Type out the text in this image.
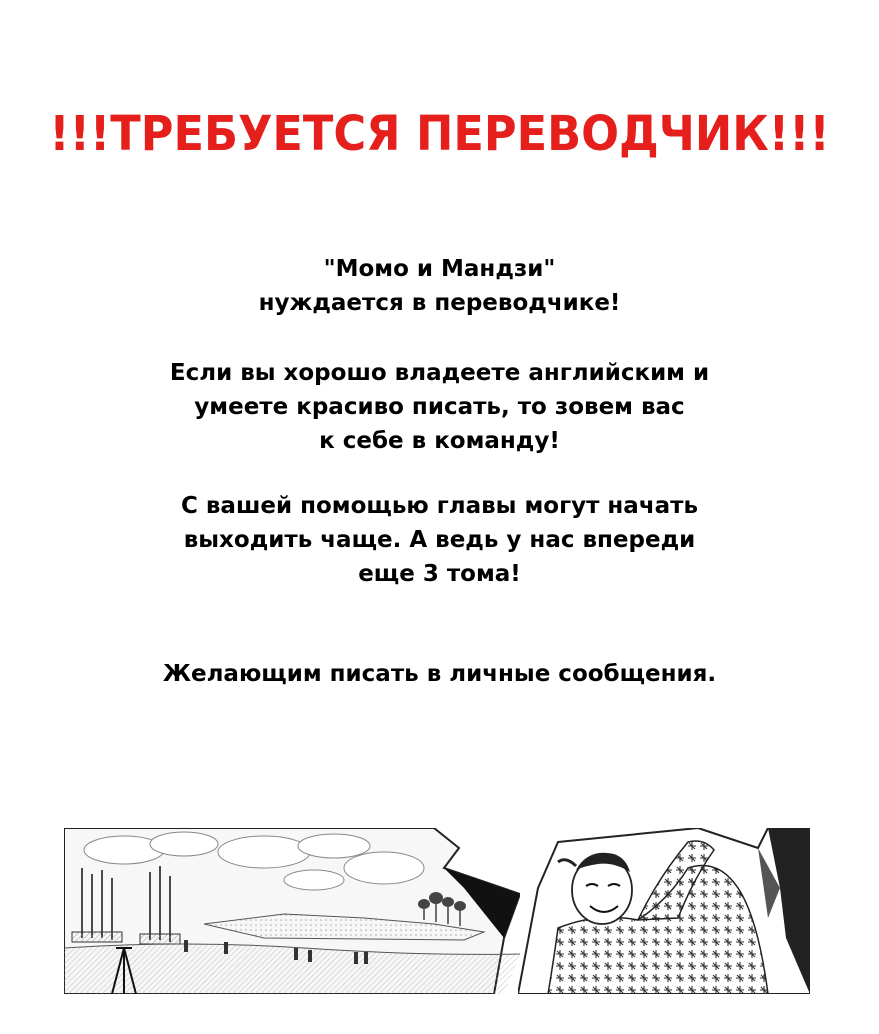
!!!ТРЕБУЕТСЯ ПЕРЕВОДЧИК!!!
"Момо и Мандзи"
нуждается в переводчике!
Если вы хорошо владеете английским и
умеете красиво писать, то зовем вас
к себе в команду!
С вашей помощью главы могут начать
выходить чаще. А ведь у нас впереди
еще 3 тома!
Желающим писать в личные сообщения.
